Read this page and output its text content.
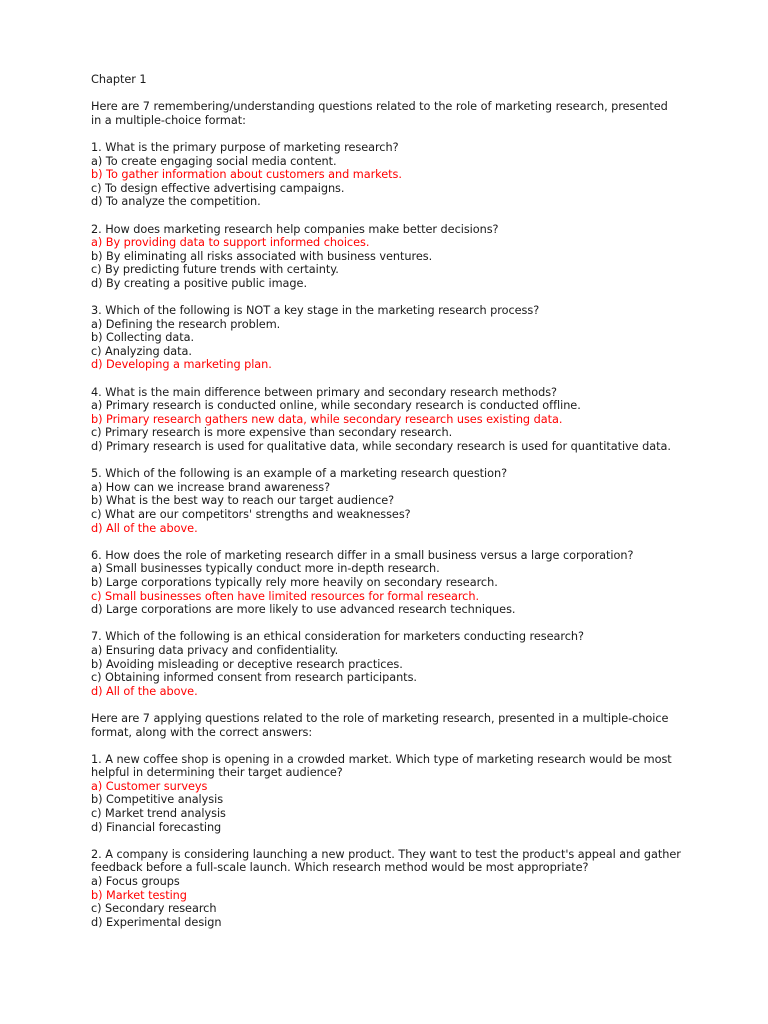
Chapter 1
Here are 7 remembering/understanding questions related to the role of marketing research, presented
in a multiple-choice format:
1. What is the primary purpose of marketing research?
a) To create engaging social media content.
b) To gather information about customers and markets.
c) To design effective advertising campaigns.
d) To analyze the competition.
2. How does marketing research help companies make better decisions?
a) By providing data to support informed choices.
b) By eliminating all risks associated with business ventures.
c) By predicting future trends with certainty.
d) By creating a positive public image.
3. Which of the following is NOT a key stage in the marketing research process?
a) Defining the research problem.
b) Collecting data.
c) Analyzing data.
d) Developing a marketing plan.
4. What is the main difference between primary and secondary research methods?
a) Primary research is conducted online, while secondary research is conducted offline.
b) Primary research gathers new data, while secondary research uses existing data.
c) Primary research is more expensive than secondary research.
d) Primary research is used for qualitative data, while secondary research is used for quantitative data.
5. Which of the following is an example of a marketing research question?
a) How can we increase brand awareness?
b) What is the best way to reach our target audience?
c) What are our competitors' strengths and weaknesses?
d) All of the above.
6. How does the role of marketing research differ in a small business versus a large corporation?
a) Small businesses typically conduct more in-depth research.
b) Large corporations typically rely more heavily on secondary research.
c) Small businesses often have limited resources for formal research.
d) Large corporations are more likely to use advanced research techniques.
7. Which of the following is an ethical consideration for marketers conducting research?
a) Ensuring data privacy and confidentiality.
b) Avoiding misleading or deceptive research practices.
c) Obtaining informed consent from research participants.
d) All of the above.
Here are 7 applying questions related to the role of marketing research, presented in a multiple-choice
format, along with the correct answers:
1. A new coffee shop is opening in a crowded market. Which type of marketing research would be most
helpful in determining their target audience?
a) Customer surveys
b) Competitive analysis
c) Market trend analysis
d) Financial forecasting
2. A company is considering launching a new product. They want to test the product's appeal and gather
feedback before a full-scale launch. Which research method would be most appropriate?
a) Focus groups
b) Market testing
c) Secondary research
d) Experimental design
